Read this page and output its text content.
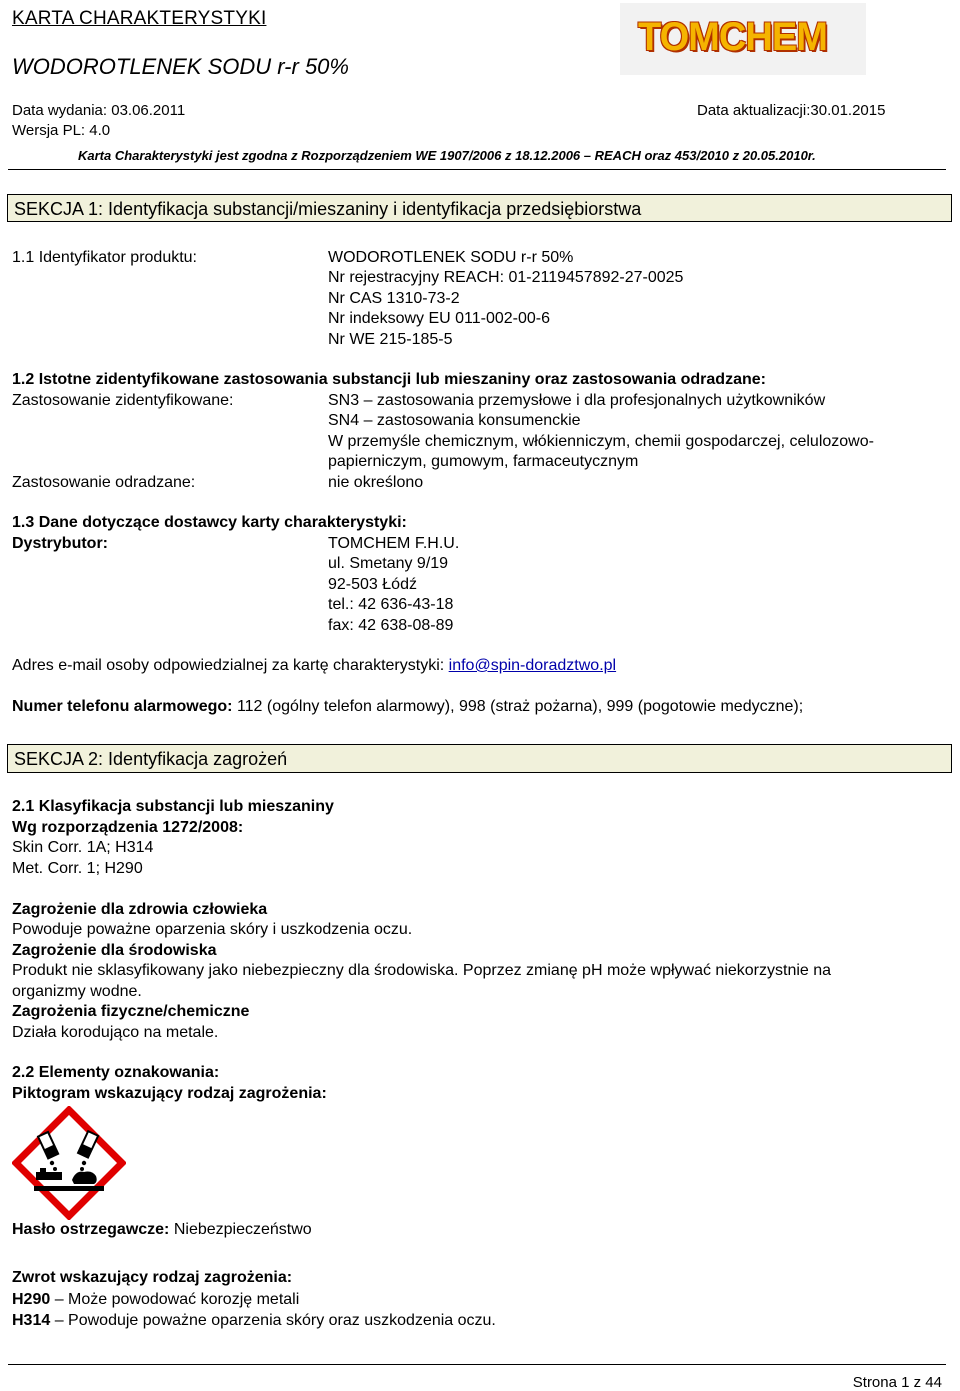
KARTA CHARAKTERYSTYKI
WODOROTLENEK SODU r-r 50%
TOMCHEM
Data wydania: 03.06.2011
Wersja PL: 4.0
Data aktualizacji:30.01.2015
Karta Charakterystyki jest zgodna z Rozporządzeniem WE 1907/2006 z 18.12.2006 – REACH oraz 453/2010 z 20.05.2010r.
SEKCJA 1: Identyfikacja substancji/mieszaniny i identyfikacja przedsiębiorstwa
1.1 Identyfikator produktu:	WODOROTLENEK SODU r-r 50%
Nr rejestracyjny REACH: 01-2119457892-27-0025
Nr CAS 1310-73-2
Nr indeksowy EU 011-002-00-6
Nr WE 215-185-5
1.2 Istotne zidentyfikowane zastosowania substancji lub mieszaniny oraz zastosowania odradzane:
Zastosowanie zidentyfikowane:	SN3 – zastosowania przemysłowe i dla profesjonalnych użytkowników
SN4 – zastosowania konsumenckie
W przemyśle chemicznym, włókienniczym, chemii gospodarczej, celulozowo-
papierniczym, gumowym, farmaceutycznym
Zastosowanie odradzane:	nie określono
1.3 Dane dotyczące dostawcy karty charakterystyki:
Dystrybutor:	TOMCHEM F.H.U.
ul. Smetany 9/19
92-503 Łódź
tel.: 42 636-43-18
fax: 42 638-08-89
Adres e-mail osoby odpowiedzialnej za kartę charakterystyki: info@spin-doradztwo.pl
Numer telefonu alarmowego: 112 (ogólny telefon alarmowy), 998 (straż pożarna), 999 (pogotowie medyczne);
SEKCJA 2: Identyfikacja zagrożeń
2.1 Klasyfikacja substancji lub mieszaniny
Wg rozporządzenia 1272/2008:
Skin Corr. 1A; H314
Met. Corr. 1; H290
Zagrożenie dla zdrowia człowieka
Powoduje poważne oparzenia skóry i uszkodzenia oczu.
Zagrożenie dla środowiska
Produkt nie sklasyfikowany jako niebezpieczny dla środowiska. Poprzez zmianę pH może wpływać niekorzystnie na
organizmy wodne.
Zagrożenia fizyczne/chemiczne
Działa korodująco na metale.
2.2 Elementy oznakowania:
Piktogram wskazujący rodzaj zagrożenia:
Hasło ostrzegawcze: Niebezpieczeństwo
Zwrot wskazujący rodzaj zagrożenia:
H290 – Może powodować korozję metali
H314 – Powoduje poważne oparzenia skóry oraz uszkodzenia oczu.
Strona 1 z 44
